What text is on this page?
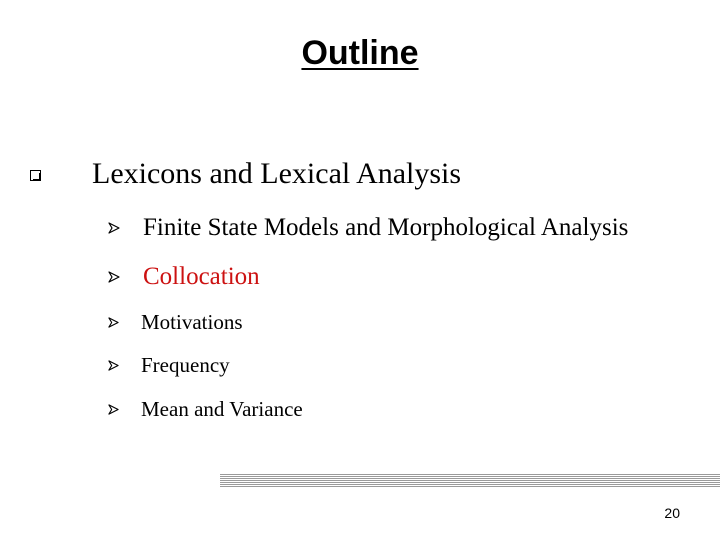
Outline
Lexicons and Lexical Analysis
Finite State Models and Morphological Analysis
Collocation
Motivations
Frequency
Mean and Variance
20
